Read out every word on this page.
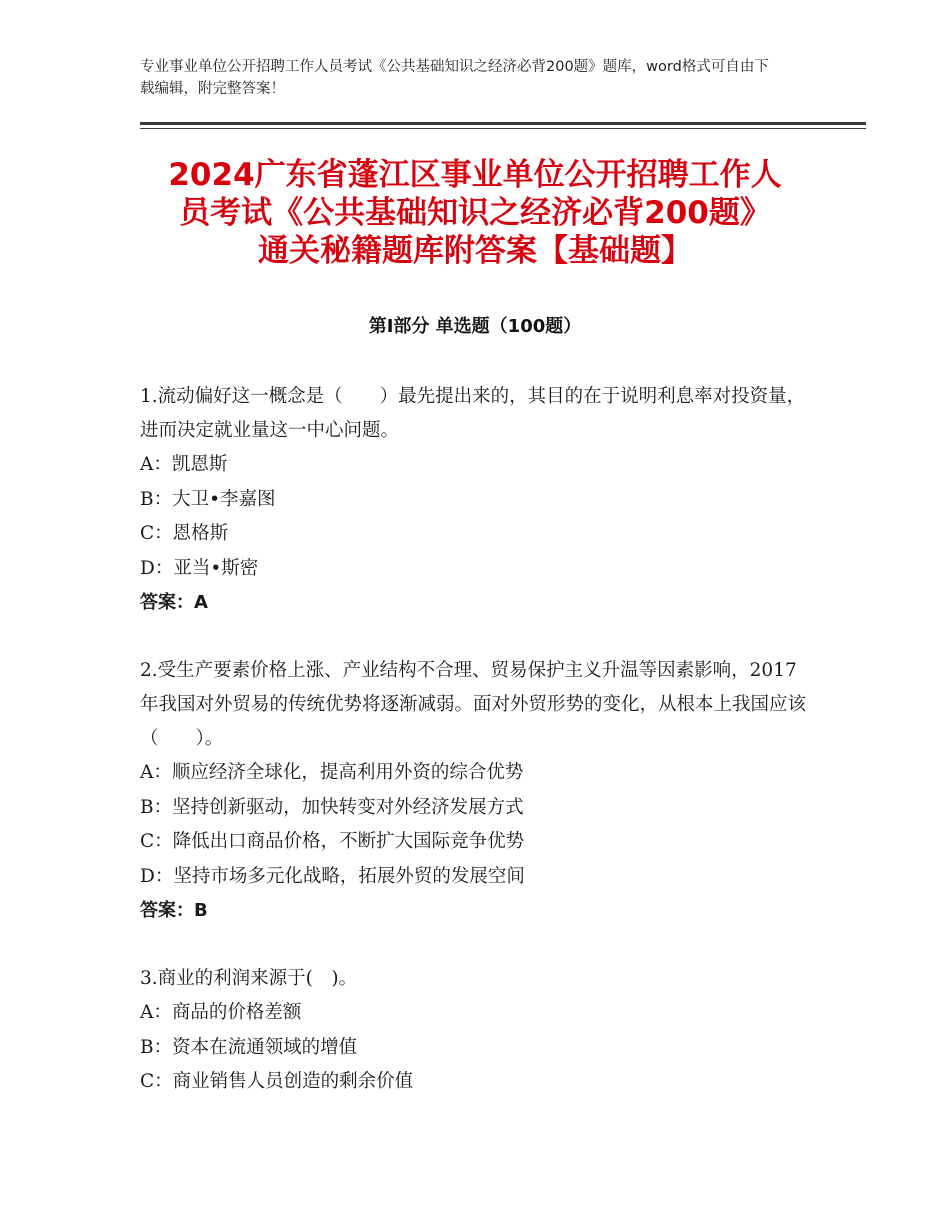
专业事业单位公开招聘工作人员考试《公共基础知识之经济必背200题》题库，word格式可自由下载编辑，附完整答案！
2024广东省蓬江区事业单位公开招聘工作人
员考试《公共基础知识之经济必背200题》
通关秘籍题库附答案【基础题】
第I部分 单选题（100题）
1.流动偏好这一概念是（　　）最先提出来的，其目的在于说明利息率对投资量，进而决定就业量这一中心问题。
A：凯恩斯
B：大卫•李嘉图
C：恩格斯
D：亚当•斯密
答案：A
2.受生产要素价格上涨、产业结构不合理、贸易保护主义升温等因素影响，2017年我国对外贸易的传统优势将逐渐减弱。面对外贸形势的变化，从根本上我国应该（　　）。
A：顺应经济全球化，提高利用外资的综合优势
B：坚持创新驱动，加快转变对外经济发展方式
C：降低出口商品价格，不断扩大国际竞争优势
D：坚持市场多元化战略，拓展外贸的发展空间
答案：B
3.商业的利润来源于(　)。
A：商品的价格差额
B：资本在流通领域的增值
C：商业销售人员创造的剩余价值
